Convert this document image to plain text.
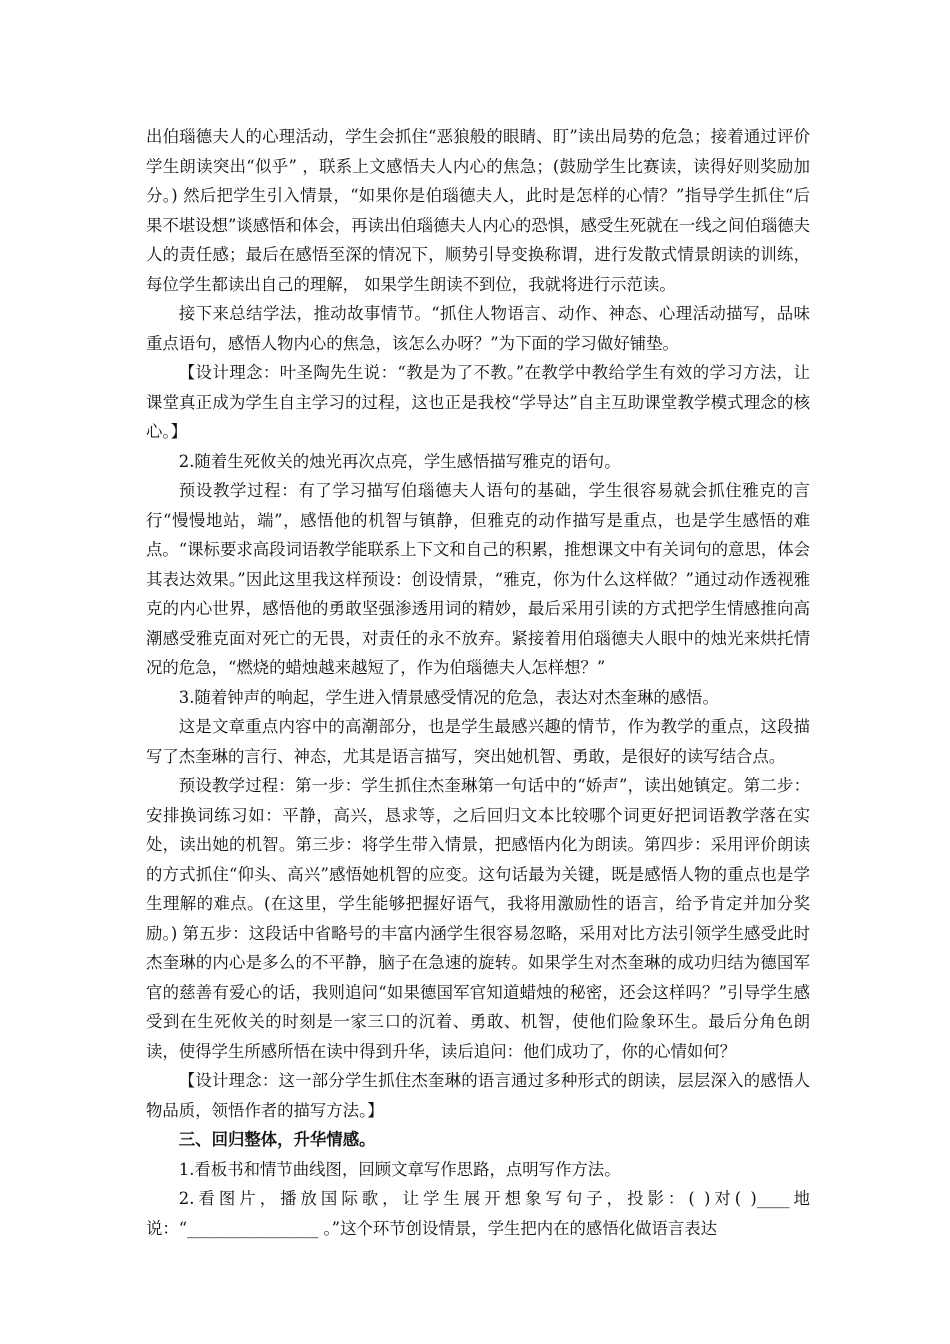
出伯瑙德夫人的心理活动，学生会抓住“恶狼般的眼睛、盯”读出局势的危急；接着通过评价学生朗读突出“似乎” ，联系上文感悟夫人内心的焦急；(鼓励学生比赛读，读得好则奖励加分。) 然后把学生引入情景，“如果你是伯瑙德夫人，此时是怎样的心情？”指导学生抓住“后果不堪设想”谈感悟和体会，再读出伯瑙德夫人内心的恐惧，感受生死就在一线之间伯瑙德夫人的责任感；最后在感悟至深的情况下，顺势引导变换称谓，进行发散式情景朗读的训练，每位学生都读出自己的理解， 如果学生朗读不到位，我就将进行示范读。

接下来总结学法，推动故事情节。“抓住人物语言、动作、神态、心理活动描写，品味重点语句，感悟人物内心的焦急，该怎么办呀？”为下面的学习做好铺垫。

【设计理念：叶圣陶先生说：“教是为了不教。”在教学中教给学生有效的学习方法，让课堂真正成为学生自主学习的过程，这也正是我校“学导达”自主互助课堂教学模式理念的核心。】

2.随着生死攸关的烛光再次点亮，学生感悟描写雅克的语句。

预设教学过程：有了学习描写伯瑙德夫人语句的基础，学生很容易就会抓住雅克的言行“慢慢地站，端”，感悟他的机智与镇静，但雅克的动作描写是重点，也是学生感悟的难点。“课标要求高段词语教学能联系上下文和自己的积累，推想课文中有关词句的意思，体会其表达效果。”因此这里我这样预设：创设情景，“雅克，你为什么这样做？”通过动作透视雅克的内心世界，感悟他的勇敢坚强渗透用词的精妙，最后采用引读的方式把学生情感推向高潮感受雅克面对死亡的无畏，对责任的永不放弃。紧接着用伯瑙德夫人眼中的烛光来烘托情况的危急，“燃烧的蜡烛越来越短了，作为伯瑙德夫人怎样想？”

3.随着钟声的响起，学生进入情景感受情况的危急，表达对杰奎琳的感悟。

这是文章重点内容中的高潮部分，也是学生最感兴趣的情节，作为教学的重点，这段描写了杰奎琳的言行、神态，尤其是语言描写，突出她机智、勇敢，是很好的读写结合点。

预设教学过程：第一步：学生抓住杰奎琳第一句话中的“娇声”，读出她镇定。第二步：安排换词练习如：平静，高兴，恳求等，之后回归文本比较哪个词更好把词语教学落在实处，读出她的机智。第三步：将学生带入情景，把感悟内化为朗读。第四步：采用评价朗读的方式抓住“仰头、高兴”感悟她机智的应变。这句话最为关键，既是感悟人物的重点也是学生理解的难点。(在这里，学生能够把握好语气，我将用激励性的语言，给予肯定并加分奖励。) 第五步：这段话中省略号的丰富内涵学生很容易忽略，采用对比方法引领学生感受此时杰奎琳的内心是多么的不平静，脑子在急速的旋转。如果学生对杰奎琳的成功归结为德国军官的慈善有爱心的话，我则追问“如果德国军官知道蜡烛的秘密，还会这样吗？”引导学生感受到在生死攸关的时刻是一家三口的沉着、勇敢、机智，使他们险象环生。最后分角色朗读，使得学生所感所悟在读中得到升华，读后追问：他们成功了，你的心情如何？

【设计理念：这一部分学生抓住杰奎琳的语言通过多种形式的朗读，层层深入的感悟人物品质，领悟作者的描写方法。】

三、回归整体，升华情感。

1.看板书和情节曲线图，回顾文章写作思路，点明写作方法。

2.看图片，播放国际歌，让学生展开想象写句子，投影：( )对( )____地说：“________________ 。”这个环节创设情景，学生把内在的感悟化做语言表达
